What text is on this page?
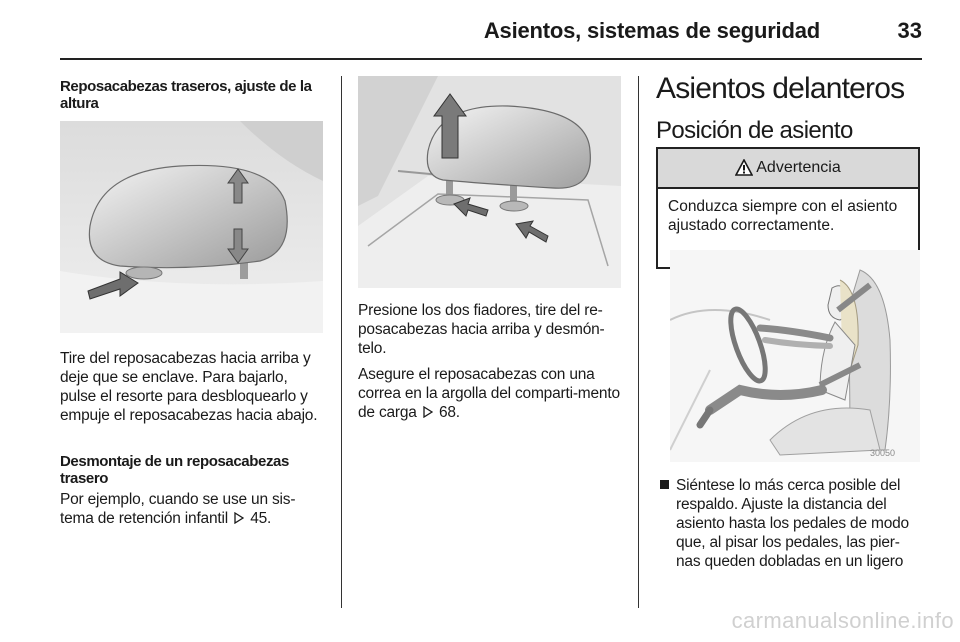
Asientos, sistemas de seguridad	33
Reposacabezas traseros, ajuste de la altura
Tire del reposacabezas hacia arriba y deje que se enclave. Para bajarlo, pulse el resorte para desbloquearlo y empuje el reposacabezas hacia abajo.
Desmontaje de un reposacabezas trasero
Por ejemplo, cuando se use un sis-tema de retención infantil 45.
Presione los dos fiadores, tire del re-posacabezas hacia arriba y desmón-telo.
Asegure el reposacabezas con una correa en la argolla del comparti-mento de carga 68.
Asientos delanteros
Posición de asiento
Advertencia
Conduzca siempre con el asiento ajustado correctamente.
30050
Siéntese lo más cerca posible del respaldo. Ajuste la distancia del asiento hasta los pedales de modo que, al pisar los pedales, las pier-nas queden dobladas en un ligero
carmanualsonline.info
